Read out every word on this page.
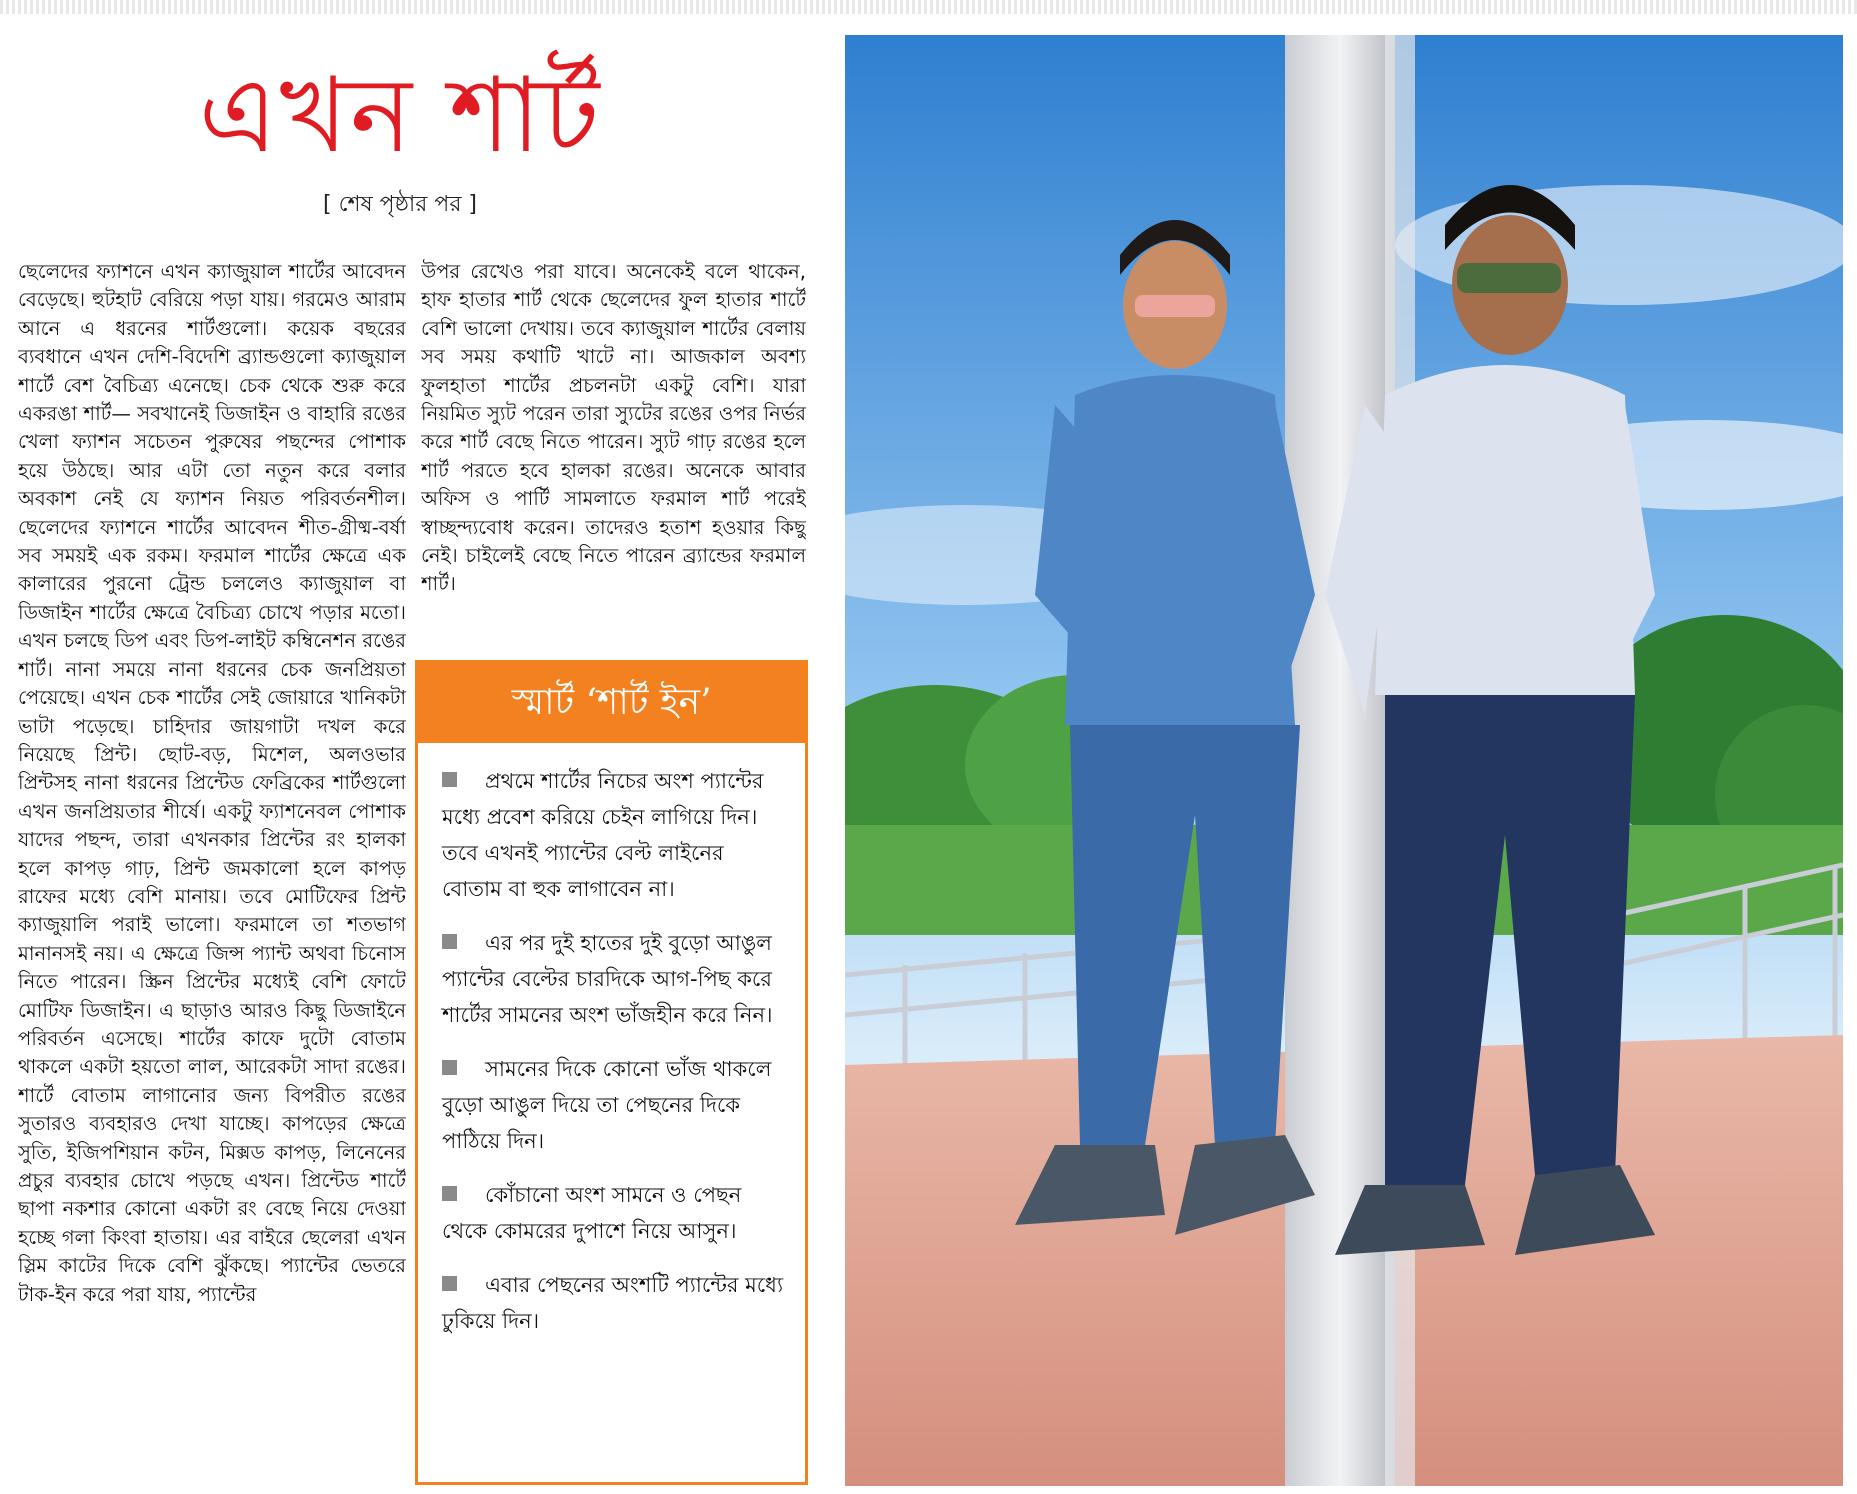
এখন শার্ট
[ শেষ পৃষ্ঠার পর ]

ছেলেদের ফ্যাশনে এখন ক্যাজুয়াল শার্টের আবেদন বেড়েছে। হুটহাট বেরিয়ে পড়া যায়। গরমেও আরাম আনে এ ধরনের শার্টগুলো। কয়েক বছরের ব্যবধানে এখন দেশি-বিদেশি ব্র্যান্ডগুলো ক্যাজুয়াল শার্টে বেশ বৈচিত্র্য এনেছে। চেক থেকে শুরু করে একরঙা শার্ট— সবখানেই ডিজাইন ও বাহারি রঙের খেলা ফ্যাশন সচেতন পুরুষের পছন্দের পোশাক হয়ে উঠছে। আর এটা তো নতুন করে বলার অবকাশ নেই যে ফ্যাশন নিয়ত পরিবর্তনশীল। ছেলেদের ফ্যাশনে শার্টের আবেদন শীত-গ্রীষ্ম-বর্ষা সব সময়ই এক রকম। ফরমাল শার্টের ক্ষেত্রে এক কালারের পুরনো ট্রেন্ড চললেও ক্যাজুয়াল বা ডিজাইন শার্টের ক্ষেত্রে বৈচিত্র্য চোখে পড়ার মতো। এখন চলছে ডিপ এবং ডিপ-লাইট কম্বিনেশন রঙের শার্ট। নানা সময়ে নানা ধরনের চেক জনপ্রিয়তা পেয়েছে। এখন চেক শার্টের সেই জোয়ারে খানিকটা ভাটা পড়েছে। চাহিদার জায়গাটা দখল করে নিয়েছে প্রিন্ট। ছোট-বড়, মিশেল, অলওভার প্রিন্টসহ নানা ধরনের প্রিন্টেড ফেব্রিকের শার্টগুলো এখন জনপ্রিয়তার শীর্ষে। একটু ফ্যাশনেবল পোশাক যাদের পছন্দ, তারা এখনকার প্রিন্টের রং হালকা হলে কাপড় গাঢ়, প্রিন্ট জমকালো হলে কাপড় রাফের মধ্যে বেশি মানায়। তবে মোটিফের প্রিন্ট ক্যাজুয়ালি পরাই ভালো। ফরমালে তা শতভাগ মানানসই নয়। এ ক্ষেত্রে জিন্স প্যান্ট অথবা চিনোস নিতে পারেন। স্ক্রিন প্রিন্টের মধ্যেই বেশি ফোটে মোটিফ ডিজাইন। এ ছাড়াও আরও কিছু ডিজাইনে পরিবর্তন এসেছে। শার্টের কাফে দুটো বোতাম থাকলে একটা হয়তো লাল, আরেকটা সাদা রঙের। শার্টে বোতাম লাগানোর জন্য বিপরীত রঙের সুতারও ব্যবহারও দেখা যাচ্ছে। কাপড়ের ক্ষেত্রে সুতি, ইজিপশিয়ান কটন, মিক্সড কাপড়, লিনেনের প্রচুর ব্যবহার চোখে পড়ছে এখন। প্রিন্টেড শার্টে ছাপা নকশার কোনো একটা রং বেছে নিয়ে দেওয়া হচ্ছে গলা কিংবা হাতায়। এর বাইরে ছেলেরা এখন স্লিম কাটের দিকে বেশি ঝুঁকছে। প্যান্টের ভেতরে টাক-ইন করে পরা যায়, প্যান্টের

উপর রেখেও পরা যাবে। অনেকেই বলে থাকেন, হাফ হাতার শার্ট থেকে ছেলেদের ফুল হাতার শার্টে বেশি ভালো দেখায়। তবে ক্যাজুয়াল শার্টের বেলায় সব সময় কথাটি খাটে না। আজকাল অবশ্য ফুলহাতা শার্টের প্রচলনটা একটু বেশি। যারা নিয়মিত স্যুট পরেন তারা স্যুটের রঙের ওপর নির্ভর করে শার্ট বেছে নিতে পারেন। স্যুট গাঢ় রঙের হলে শার্ট পরতে হবে হালকা রঙের। অনেকে আবার অফিস ও পার্টি সামলাতে ফরমাল শার্ট পরেই স্বাচ্ছন্দ্যবোধ করেন। তাদেরও হতাশ হওয়ার কিছু নেই। চাইলেই বেছে নিতে পারেন ব্র্যান্ডের ফরমাল শার্ট।

স্মার্ট ‘শার্ট ইন’
প্রথমে শার্টের নিচের অংশ প্যান্টের মধ্যে প্রবেশ করিয়ে চেইন লাগিয়ে দিন। তবে এখনই প্যান্টের বেল্ট লাইনের বোতাম বা হুক লাগাবেন না।
এর পর দুই হাতের দুই বুড়ো আঙুল প্যান্টের বেল্টের চারদিকে আগ-পিছ করে শার্টের সামনের অংশ ভাঁজহীন করে নিন।
সামনের দিকে কোনো ভাঁজ থাকলে বুড়ো আঙুল দিয়ে তা পেছনের দিকে পাঠিয়ে দিন।
কোঁচানো অংশ সামনে ও পেছন থেকে কোমরের দুপাশে নিয়ে আসুন।
এবার পেছনের অংশটি প্যান্টের মধ্যে ঢুকিয়ে দিন।
